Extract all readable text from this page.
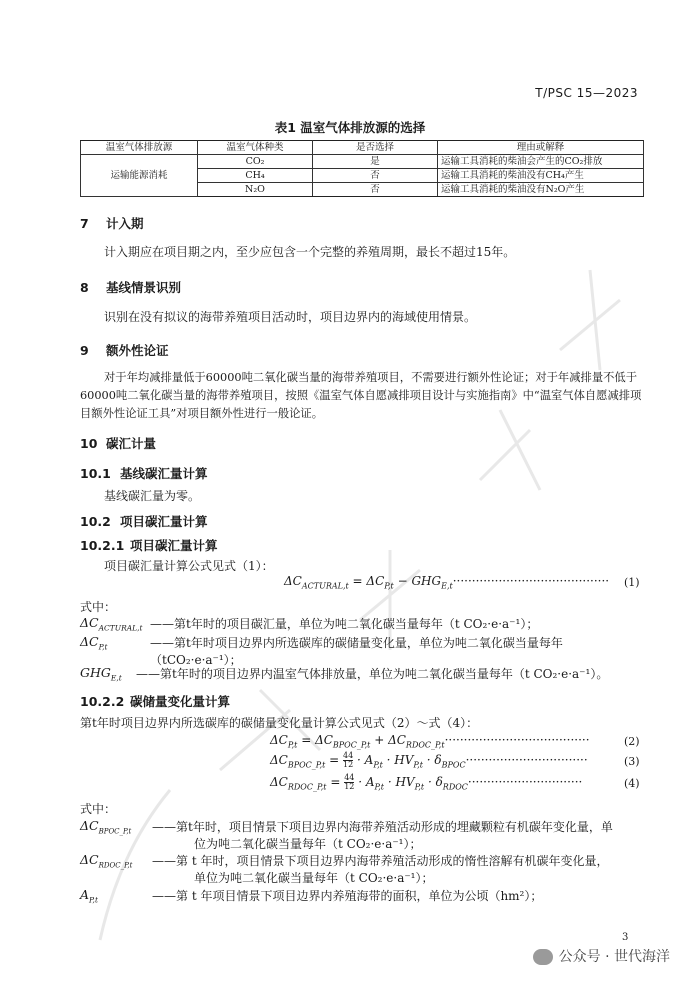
T/PSC 15—2023
表1 温室气体排放源的选择
温室气体排放源	温室气体种类	是否选择	理由或解释
运输能源消耗	CO₂	是	运输工具消耗的柴油会产生的CO₂排放
	CH₄	否	运输工具消耗的柴油没有CH₄产生
	N₂O	否	运输工具消耗的柴油没有N₂O产生
7 计入期
计入期应在项目期之内，至少应包含一个完整的养殖周期，最长不超过15年。
8 基线情景识别
识别在没有拟议的海带养殖项目活动时，项目边界内的海域使用情景。
9 额外性论证
对于年均减排量低于60000吨二氧化碳当量的海带养殖项目，不需要进行额外性论证；对于年减排量不低于60000吨二氧化碳当量的海带养殖项目，按照《温室气体自愿减排项目设计与实施指南》中“温室气体自愿减排项目额外性论证工具”对项目额外性进行一般论证。
10 碳汇计量
10.1 基线碳汇量计算
基线碳汇量为零。
10.2 项目碳汇量计算
10.2.1 项目碳汇量计算
项目碳汇量计算公式见式（1）：
$\Delta C_{ACTURAL,t} = \Delta C_{P,t} - GHG_{E,t}\cdot\cdot\cdot\cdot\cdot\cdot\cdot\cdot\cdot\cdot\cdot\cdot\cdot\cdot\cdot\cdot\cdot\cdot\cdot\cdot\cdot\cdot\cdot\cdot\cdot\cdot\cdot\cdot\cdot\cdot\cdot\cdot\cdot\cdot\cdot\cdot\cdot\cdot\cdot\cdot\cdot (1)$
式中：
$\Delta C_{ACTURAL,t}$ ——第t年时的项目碳汇量，单位为吨二氧化碳当量每年（t CO₂·e·a⁻¹）；
$\Delta C_{P,t}$	——第t年时项目边界内所选碳库的碳储量变化量，单位为吨二氧化碳当量每年（tCO₂·e·a⁻¹）；
$GHG_{E,t}$ ——第t年时的项目边界内温室气体排放量，单位为吨二氧化碳当量每年（t CO₂·e·a⁻¹）。
10.2.2 碳储量变化量计算
第t年时项目边界内所选碳库的碳储量变化量计算公式见式（2）～式（4）：
$\Delta C_{P,t} = \Delta C_{BPOC\_P,t} + \Delta C_{RDOC\_P,t}\cdot\cdot\cdot\cdot\cdot\cdot\cdot\cdot\cdot\cdot\cdot\cdot\cdot\cdot\cdot\cdot\cdot\cdot\cdot\cdot\cdot\cdot\cdot\cdot\cdot\cdot\cdot\cdot\cdot\cdot\cdot\cdot\cdot\cdot\cdot\cdot\cdot\cdot$	(2)
$\Delta C_{BPOC\_P,t} = \frac{44}{12} \cdot A_{P,t} \cdot HV_{P,t} \cdot \delta_{BPOC}\cdot\cdot\cdot\cdot\cdot\cdot\cdot\cdot\cdot\cdot\cdot\cdot\cdot\cdot\cdot\cdot\cdot\cdot\cdot\cdot\cdot\cdot\cdot\cdot\cdot\cdot\cdot\cdot\cdot\cdot\cdot\cdot$	(3)
$\Delta C_{RDOC\_P,t} = \frac{44}{12} \cdot A_{P,t} \cdot HV_{P,t} \cdot \delta_{RDOC}\cdot\cdot\cdot\cdot\cdot\cdot\cdot\cdot\cdot\cdot\cdot\cdot\cdot\cdot\cdot\cdot\cdot\cdot\cdot\cdot\cdot\cdot\cdot\cdot\cdot\cdot\cdot\cdot\cdot\cdot$	(4)
式中：
$\Delta C_{BPOC\_P,t}$ ——第t年时，项目情景下项目边界内海带养殖活动形成的埋藏颗粒有机碳年变化量，单
位为吨二氧化碳当量每年（t CO₂·e·a⁻¹）；
$\Delta C_{RDOC\_P,t}$ ——第 t 年时，项目情景下项目边界内海带养殖活动形成的惰性溶解有机碳年变化量，
单位为吨二氧化碳当量每年（t CO₂·e·a⁻¹）；
$A_{P,t}$	——第 t 年项目情景下项目边界内养殖海带的面积，单位为公顷（hm²）；
3
公众号 · 世代海洋
